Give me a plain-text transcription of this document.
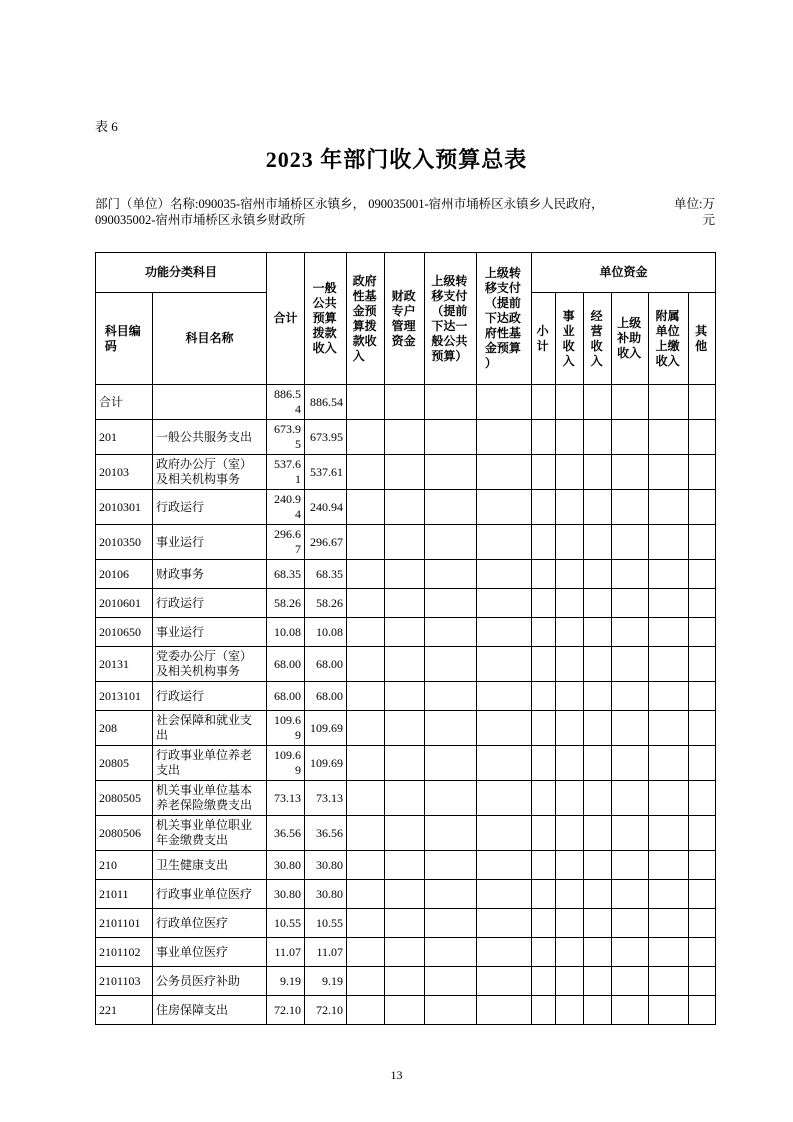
表 6
2023 年部门收入预算总表
部门（单位）名称:090035-宿州市埇桥区永镇乡， 090035001-宿州市埇桥区永镇乡人民政府， 090035002-宿州市埇桥区永镇乡财政所
单位:万元
功能分类科目		合计	一般公共预算拨款收入	政府性基金预算拨款收入	财政专户管理资金	上级转移支付（提前下达一般公共预算）	上级转移支付（提前下达政府性基金预算）	单位资金					
科目编码	科目名称							小计	事业收入	经营收入	上级补助收入	附属单位上缴收入	其他
合计		886.54	886.54										
201	一般公共服务支出	673.95	673.95										
20103	政府办公厅（室）及相关机构事务	537.61	537.61										
2010301	行政运行	240.94	240.94										
2010350	事业运行	296.67	296.67										
20106	财政事务	68.35	68.35										
2010601	行政运行	58.26	58.26										
2010650	事业运行	10.08	10.08										
20131	党委办公厅（室）及相关机构事务	68.00	68.00										
2013101	行政运行	68.00	68.00										
208	社会保障和就业支出	109.69	109.69										
20805	行政事业单位养老支出	109.69	109.69										
2080505	机关事业单位基本养老保险缴费支出	73.13	73.13										
2080506	机关事业单位职业年金缴费支出	36.56	36.56										
210	卫生健康支出	30.80	30.80										
21011	行政事业单位医疗	30.80	30.80										
2101101	行政单位医疗	10.55	10.55										
2101102	事业单位医疗	11.07	11.07										
2101103	公务员医疗补助	9.19	9.19										
221	住房保障支出	72.10	72.10										
13
